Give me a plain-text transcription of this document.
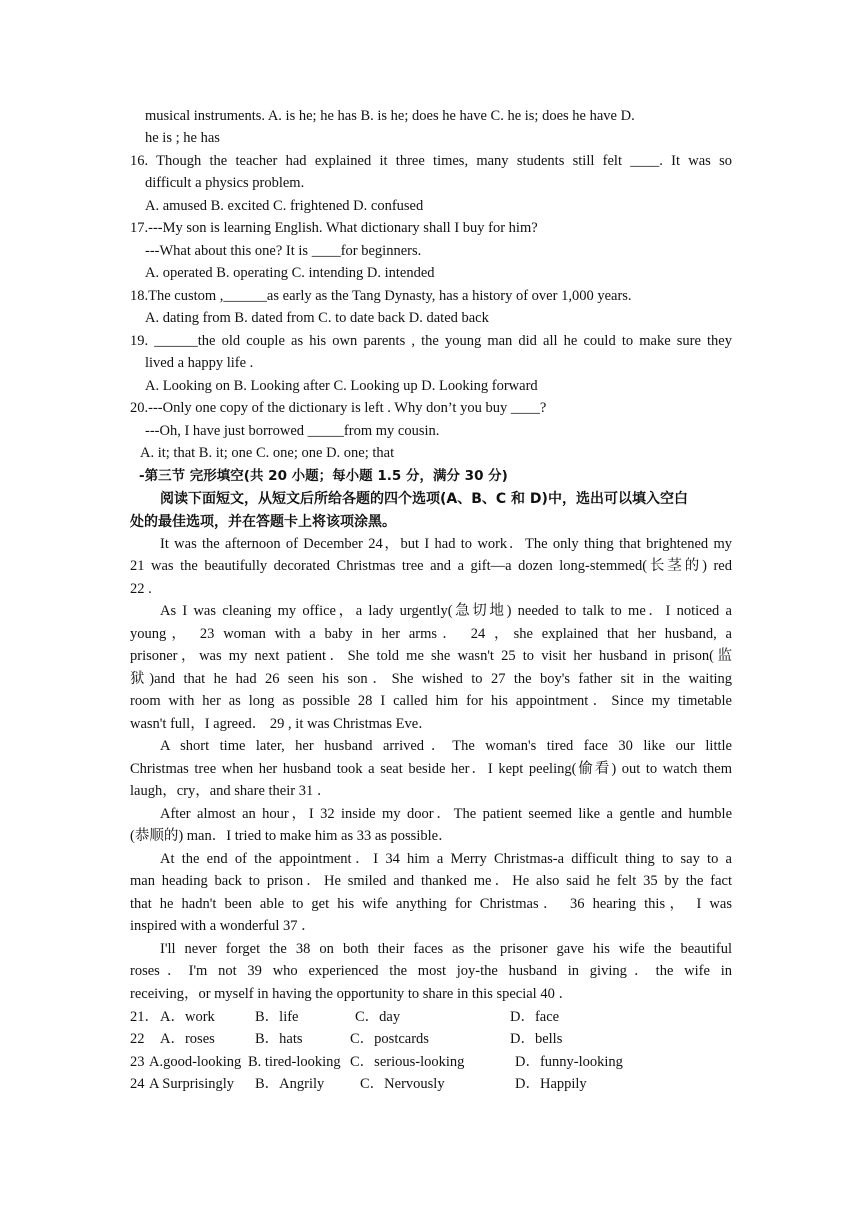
musical instruments. A. is he; he has B. is he; does he have C. he is; does he have D.
he is ; he has
16. Though the teacher had explained it three times, many students still felt ____. It was so
difficult a physics problem.
A. amused B. excited C. frightened D. confused
17.---My son is learning English. What dictionary shall I buy for him?
---What about this one? It is ____for beginners.
A. operated B. operating C. intending D. intended
18.The custom ,______as early as the Tang Dynasty, has a history of over 1,000 years.
A. dating from B. dated from C. to date back D. dated back
19. ______the old couple as his own parents , the young man did all he could to make sure they
lived a happy life .
A. Looking on B. Looking after C. Looking up D. Looking forward
20.---Only one copy of the dictionary is left . Why don’t you buy ____?
---Oh, I have just borrowed _____from my cousin.
A. it; that B. it; one C. one; one D. one; that
-第三节 完形填空(共 20 小题；每小题 1.5 分，满分 30 分)
阅读下面短文，从短文后所给各题的四个选项(A、B、C 和 D)中，选出可以填入空白
处的最佳选项，并在答题卡上将该项涂黑。
It was the afternoon of December 24，but I had to work．The only thing that brightened my
21 was the beautifully decorated Christmas tree and a gift—a dozen long-stemmed(长茎的) red
22 .
As I was cleaning my office，a lady urgently(急切地) needed to talk to me．I noticed a
young， 23 woman with a baby in her arms． 24 ，she explained that her husband, a
prisoner，was my next patient．She told me she wasn't 25 to visit her husband in prison(监
狱)and that he had 26 seen his son．She wished to 27 the boy's father sit in the waiting
room with her as long as possible 28 I called him for his appointment．Since my timetable
wasn't full，I agreed． 29 , it was Christmas Eve．
A short time later, her husband arrived．The woman's tired face 30 like our little
Christmas tree when her husband took a seat beside her．I kept peeling(偷看) out to watch them
laugh，cry，and share their 31 ．
After almost an hour，I 32 inside my door．The patient seemed like a gentle and humble
(恭顺的) man．I tried to make him as 33 as possible．
At the end of the appointment．I 34 him a Merry Christmas-a difficult thing to say to a
man heading back to prison．He smiled and thanked me．He also said he felt 35 by the fact
that he hadn't been able to get his wife anything for Christmas． 36 hearing this， I was
inspired with a wonderful 37 ．
I'll never forget the 38 on both their faces as the prisoner gave his wife the beautiful
roses．I'm not 39 who experienced the most joy-the husband in giving．the wife in
receiving，or myself in having the opportunity to share in this special 40 ．
21． A．work	B．life	C．day	D．face
22 A．roses	B．hats	C．postcards	D．bells
23 A.good-looking B. tired-looking C．serious-looking	D．funny-looking
24 A Surprisingly B．Angrily C．Nervously	D．Happily
